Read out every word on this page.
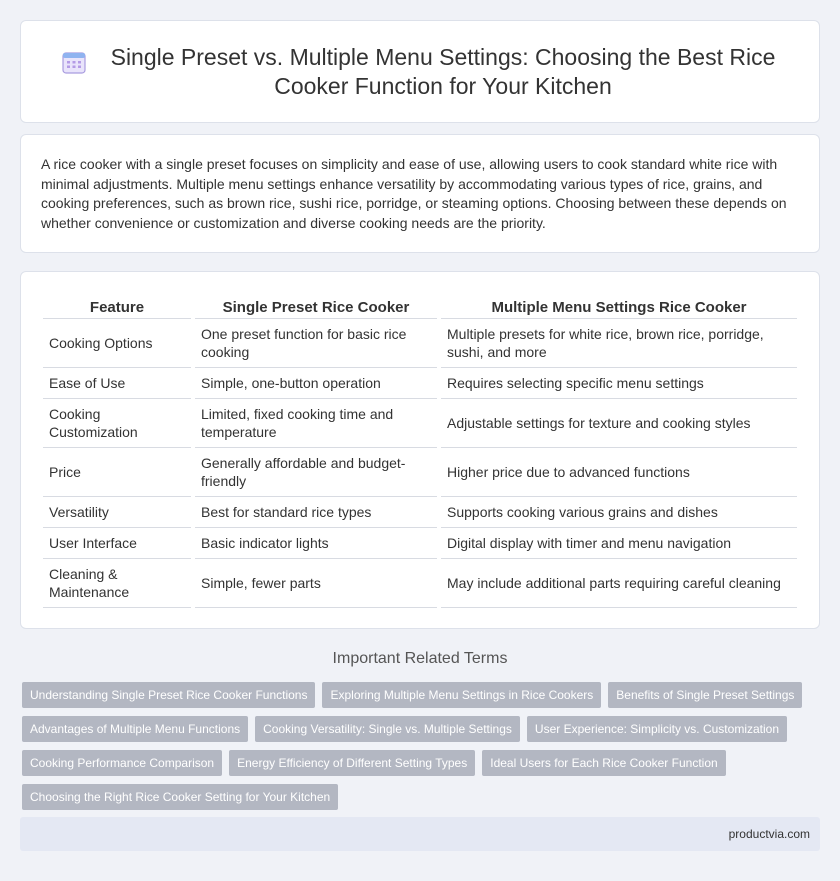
Single Preset vs. Multiple Menu Settings: Choosing the Best Rice Cooker Function for Your Kitchen

A rice cooker with a single preset focuses on simplicity and ease of use, allowing users to cook standard white rice with minimal adjustments. Multiple menu settings enhance versatility by accommodating various types of rice, grains, and cooking preferences, such as brown rice, sushi rice, porridge, or steaming options. Choosing between these depends on whether convenience or customization and diverse cooking needs are the priority.

Feature	Single Preset Rice Cooker	Multiple Menu Settings Rice Cooker
Cooking Options	One preset function for basic rice cooking	Multiple presets for white rice, brown rice, porridge, sushi, and more
Ease of Use	Simple, one-button operation	Requires selecting specific menu settings
Cooking Customization	Limited, fixed cooking time and temperature	Adjustable settings for texture and cooking styles
Price	Generally affordable and budget-friendly	Higher price due to advanced functions
Versatility	Best for standard rice types	Supports cooking various grains and dishes
User Interface	Basic indicator lights	Digital display with timer and menu navigation
Cleaning & Maintenance	Simple, fewer parts	May include additional parts requiring careful cleaning
Important Related Terms
Understanding Single Preset Rice Cooker Functions	Exploring Multiple Menu Settings in Rice Cookers	Benefits of Single Preset Settings
Advantages of Multiple Menu Functions	Cooking Versatility: Single vs. Multiple Settings	User Experience: Simplicity vs. Customization
Cooking Performance Comparison	Energy Efficiency of Different Setting Types	Ideal Users for Each Rice Cooker Function
Choosing the Right Rice Cooker Setting for Your Kitchen
productvia.com
